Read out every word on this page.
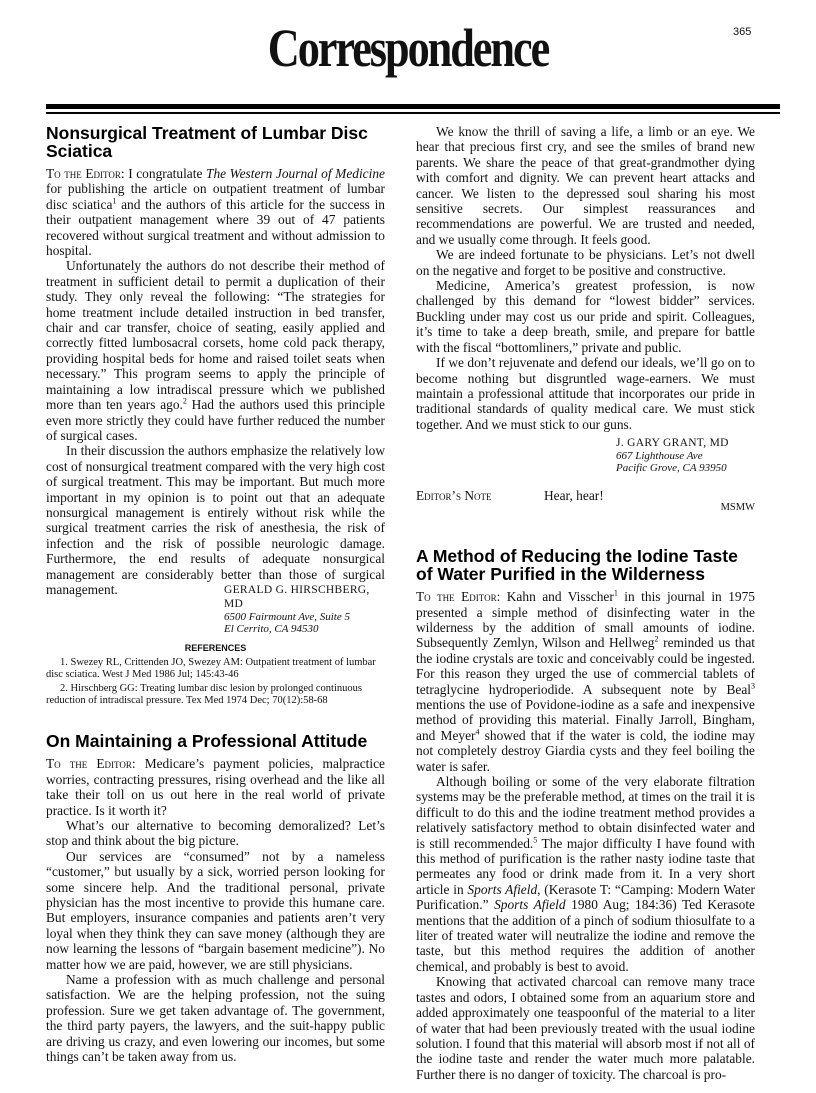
Correspondence	365
Nonsurgical Treatment of Lumbar Disc Sciatica

To the Editor: I congratulate The Western Journal of Medicine for publishing the article on outpatient treatment of lumbar disc sciatica$^1$ and the authors of this article for the success in their outpatient management where 39 out of 47 patients recovered without surgical treatment and without admission to hospital.

Unfortunately the authors do not describe their method of treatment in sufficient detail to permit a duplication of their study. They only reveal the following: “The strategies for home treatment include detailed instruction in bed transfer, chair and car transfer, choice of seating, easily applied and correctly fitted lumbosacral corsets, home cold pack therapy, providing hospital beds for home and raised toilet seats when necessary.” This program seems to apply the principle of maintaining a low intradiscal pressure which we published more than ten years ago.$^2$ Had the authors used this principle even more strictly they could have further reduced the number of surgical cases.

In their discussion the authors emphasize the relatively low cost of nonsurgical treatment compared with the very high cost of surgical treatment. This may be important. But much more important in my opinion is to point out that an adequate nonsurgical management is entirely without risk while the surgical treatment carries the risk of anesthesia, the risk of infection and the risk of possible neurologic damage. Furthermore, the end results of adequate nonsurgical management are considerably better than those of surgical management.	GERALD G. HIRSCHBERG, MD
6500 Fairmount Ave, Suite 5
El Cerrito, CA 94530
REFERENCES

1. Swezey RL, Crittenden JO, Swezey AM: Outpatient treatment of lumbar disc sciatica. West J Med 1986 Jul; 145:43-46

2. Hirschberg GG: Treating lumbar disc lesion by prolonged continuous reduction of intradiscal pressure. Tex Med 1974 Dec; 70(12):58-68

On Maintaining a Professional Attitude

To the Editor: Medicare’s payment policies, malpractice worries, contracting pressures, rising overhead and the like all take their toll on us out here in the real world of private practice. Is it worth it?

What’s our alternative to becoming demoralized? Let’s stop and think about the big picture.

Our services are “consumed” not by a nameless “customer,” but usually by a sick, worried person looking for some sincere help. And the traditional personal, private physician has the most incentive to provide this humane care. But employers, insurance companies and patients aren’t very loyal when they think they can save money (although they are now learning the lessons of “bargain basement medicine”). No matter how we are paid, however, we are still physicians.

Name a profession with as much challenge and personal satisfaction. We are the helping profession, not the suing profession. Sure we get taken advantage of. The government, the third party payers, the lawyers, and the suit-happy public are driving us crazy, and even lowering our incomes, but some things can’t be taken away from us.

We know the thrill of saving a life, a limb or an eye. We hear that precious first cry, and see the smiles of brand new parents. We share the peace of that great-grandmother dying with comfort and dignity. We can prevent heart attacks and cancer. We listen to the depressed soul sharing his most sensitive secrets. Our simplest reassurances and recommendations are powerful. We are trusted and needed, and we usually come through. It feels good.

We are indeed fortunate to be physicians. Let’s not dwell on the negative and forget to be positive and constructive.

Medicine, America’s greatest profession, is now challenged by this demand for “lowest bidder” services. Buckling under may cost us our pride and spirit. Colleagues, it’s time to take a deep breath, smile, and prepare for battle with the fiscal “bottomliners,” private and public.

If we don’t rejuvenate and defend our ideals, we’ll go on to become nothing but disgruntled wage-earners. We must maintain a professional attitude that incorporates our pride in traditional standards of quality medical care. We must stick together. And we must stick to our guns.

J. GARY GRANT, MD
667 Lighthouse Ave
Pacific Grove, CA 93950
Editor’s Note	Hear, hear!
MSMW
A Method of Reducing the Iodine Taste of Water Purified in the Wilderness

To the Editor: Kahn and Visscher$^1$ in this journal in 1975 presented a simple method of disinfecting water in the wilderness by the addition of small amounts of iodine. Subsequently Zemlyn, Wilson and Hellweg$^2$ reminded us that the iodine crystals are toxic and conceivably could be ingested. For this reason they urged the use of commercial tablets of tetraglycine hydroperiodide. A subsequent note by Beal$^3$ mentions the use of Povidone-iodine as a safe and inexpensive method of providing this material. Finally Jarroll, Bingham, and Meyer$^4$ showed that if the water is cold, the iodine may not completely destroy Giardia cysts and they feel boiling the water is safer.

Although boiling or some of the very elaborate filtration systems may be the preferable method, at times on the trail it is difficult to do this and the iodine treatment method provides a relatively satisfactory method to obtain disinfected water and is still recommended.$^5$ The major difficulty I have found with this method of purification is the rather nasty iodine taste that permeates any food or drink made from it. In a very short article in Sports Afield, (Kerasote T: “Camping: Modern Water Purification.” Sports Afield 1980 Aug; 184:36) Ted Kerasote mentions that the addition of a pinch of sodium thiosulfate to a liter of treated water will neutralize the iodine and remove the taste, but this method requires the addition of another chemical, and probably is best to avoid.

Knowing that activated charcoal can remove many trace tastes and odors, I obtained some from an aquarium store and added approximately one teaspoonful of the material to a liter of water that had been previously treated with the usual iodine solution. I found that this material will absorb most if not all of the iodine taste and render the water much more palatable. Further there is no danger of toxicity. The charcoal is pro-
